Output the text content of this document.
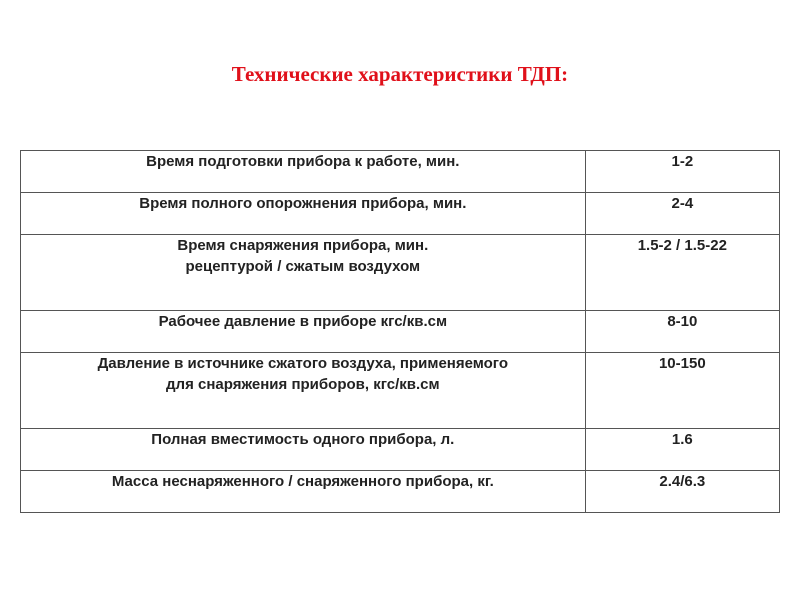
Технические характеристики ТДП:
Время подготовки прибора к работе, мин.	1-2

Время полного опорожнения прибора, мин.	2-4

Время снаряжения прибора, мин.
рецептурой / сжатым воздухом	1.5-2 / 1.5-22

Рабочее давление в приборе кгс/кв.см	8-10

Давление в источнике сжатого воздуха, применяемого
для снаряжения приборов, кгс/кв.см	10-150

Полная вместимость одного прибора, л.	1.6

Масса неснаряженного / снаряженного прибора, кг.	2.4/6.3
